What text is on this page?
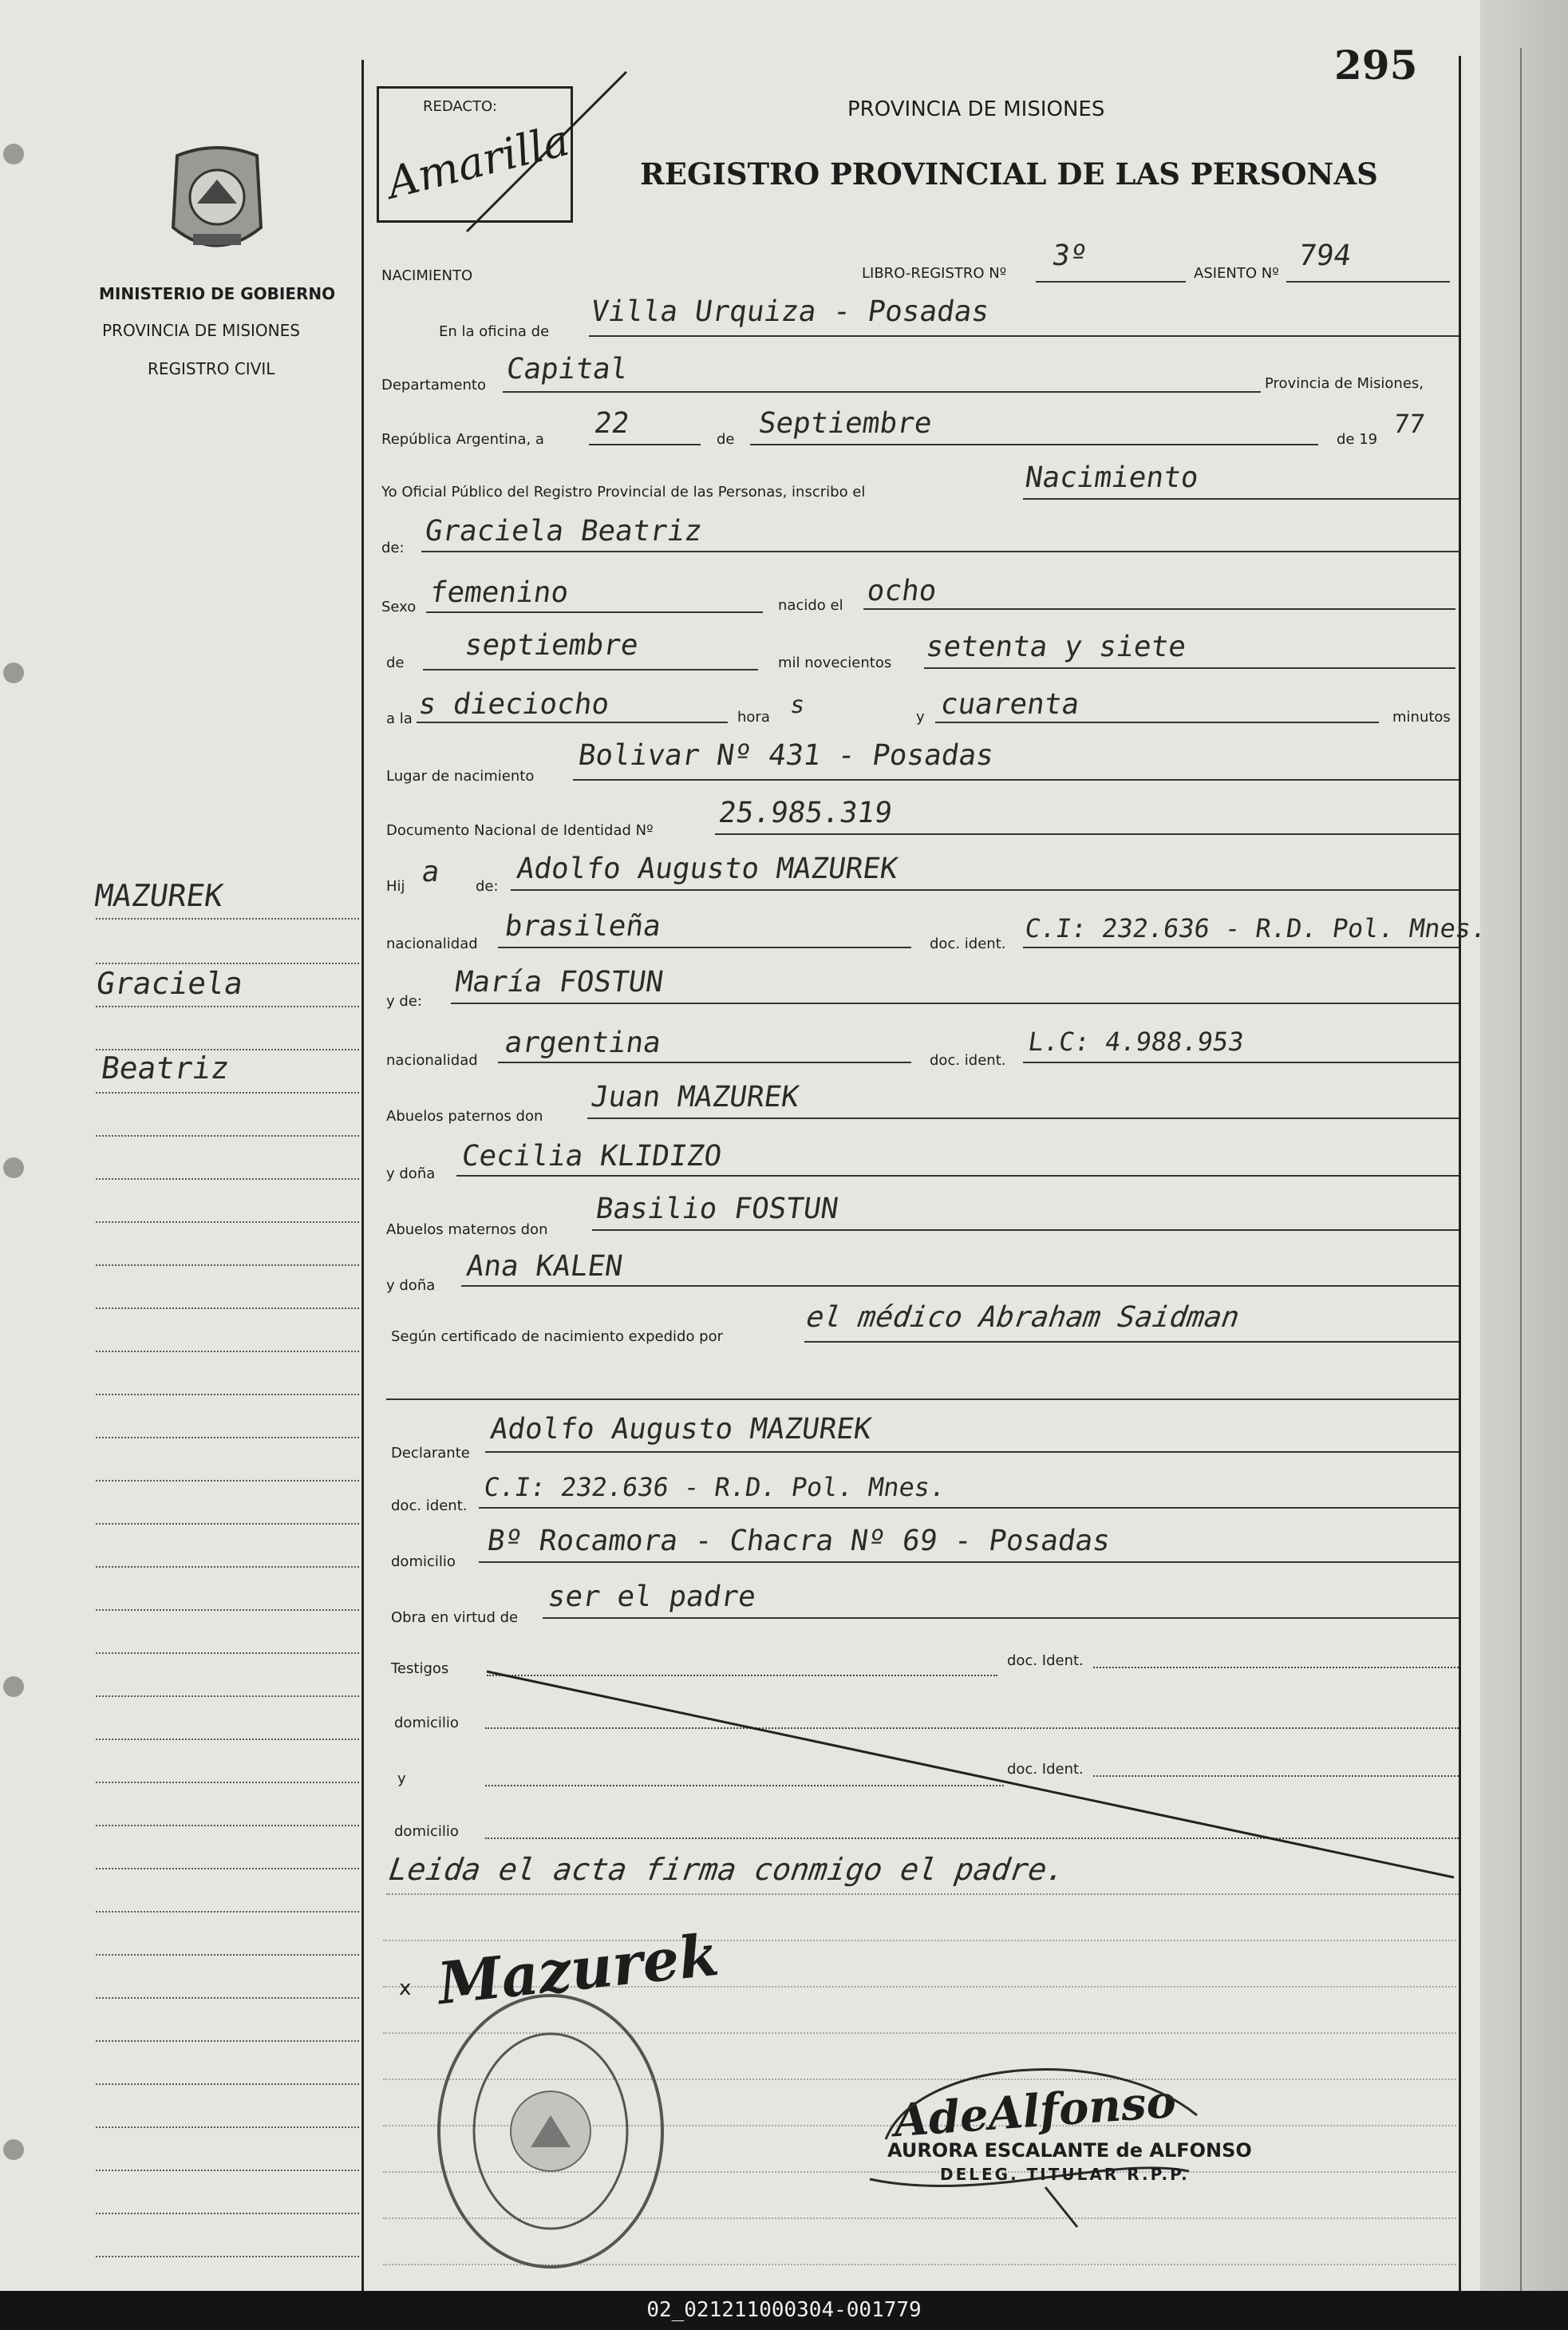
295
MINISTERIO DE GOBIERNO
PROVINCIA DE MISIONES
REGISTRO CIVIL
REDACTO:
Amarilla
PROVINCIA DE MISIONES
REGISTRO PROVINCIAL DE LAS PERSONAS
NACIMIENTO	LIBRO-REGISTRO Nº
3º
ASIENTO Nº
794
En la oficina de
Villa Urquiza - Posadas
Departamento Capital	Provincia de Misiones,
República Argentina, a 22	de Septiembre	de 19
77
Yo Oficial Público del Registro Provincial de las Personas, inscribo el	Nacimiento
de:
Graciela Beatriz
Sexo femenino	nacido el ocho
de
septiembre
mil novecientos setenta y siete
a la s dieciocho	hora s	y cuarenta	minutos
Lugar de nacimiento
Bolivar Nº 431 - Posadas
Documento Nacional de Identidad Nº
25.985.319
Hij a de:
Adolfo Augusto MAZUREK
nacionalidad
brasileña
doc. ident.
C.I: 232.636 - R.D. Pol. Mnes.
y de:
María FOSTUN
nacionalidad
argentina
doc. ident.
L.C: 4.988.953
Abuelos paternos don
Juan MAZUREK
y doña
Cecilia KLIDIZO
Abuelos maternos don
Basilio FOSTUN
y doña
Ana KALEN
Según certificado de nacimiento expedido por
el médico Abraham Saidman
Declarante
Adolfo Augusto MAZUREK
doc. ident.
C.I: 232.636 - R.D. Pol. Mnes.
domicilio
Bº Rocamora - Chacra Nº 69 - Posadas
Obra en virtud de
ser el padre
Testigos	doc. Ident.
domicilio
y
doc. Ident.
domicilio
Leida el acta firma conmigo el padre.
x Mazurek
AdeAlfonso
AURORA ESCALANTE de ALFONSO
DELEG. TITULAR R.P.P.
MAZUREK
Graciela
Beatriz
02_021211000304-001779
